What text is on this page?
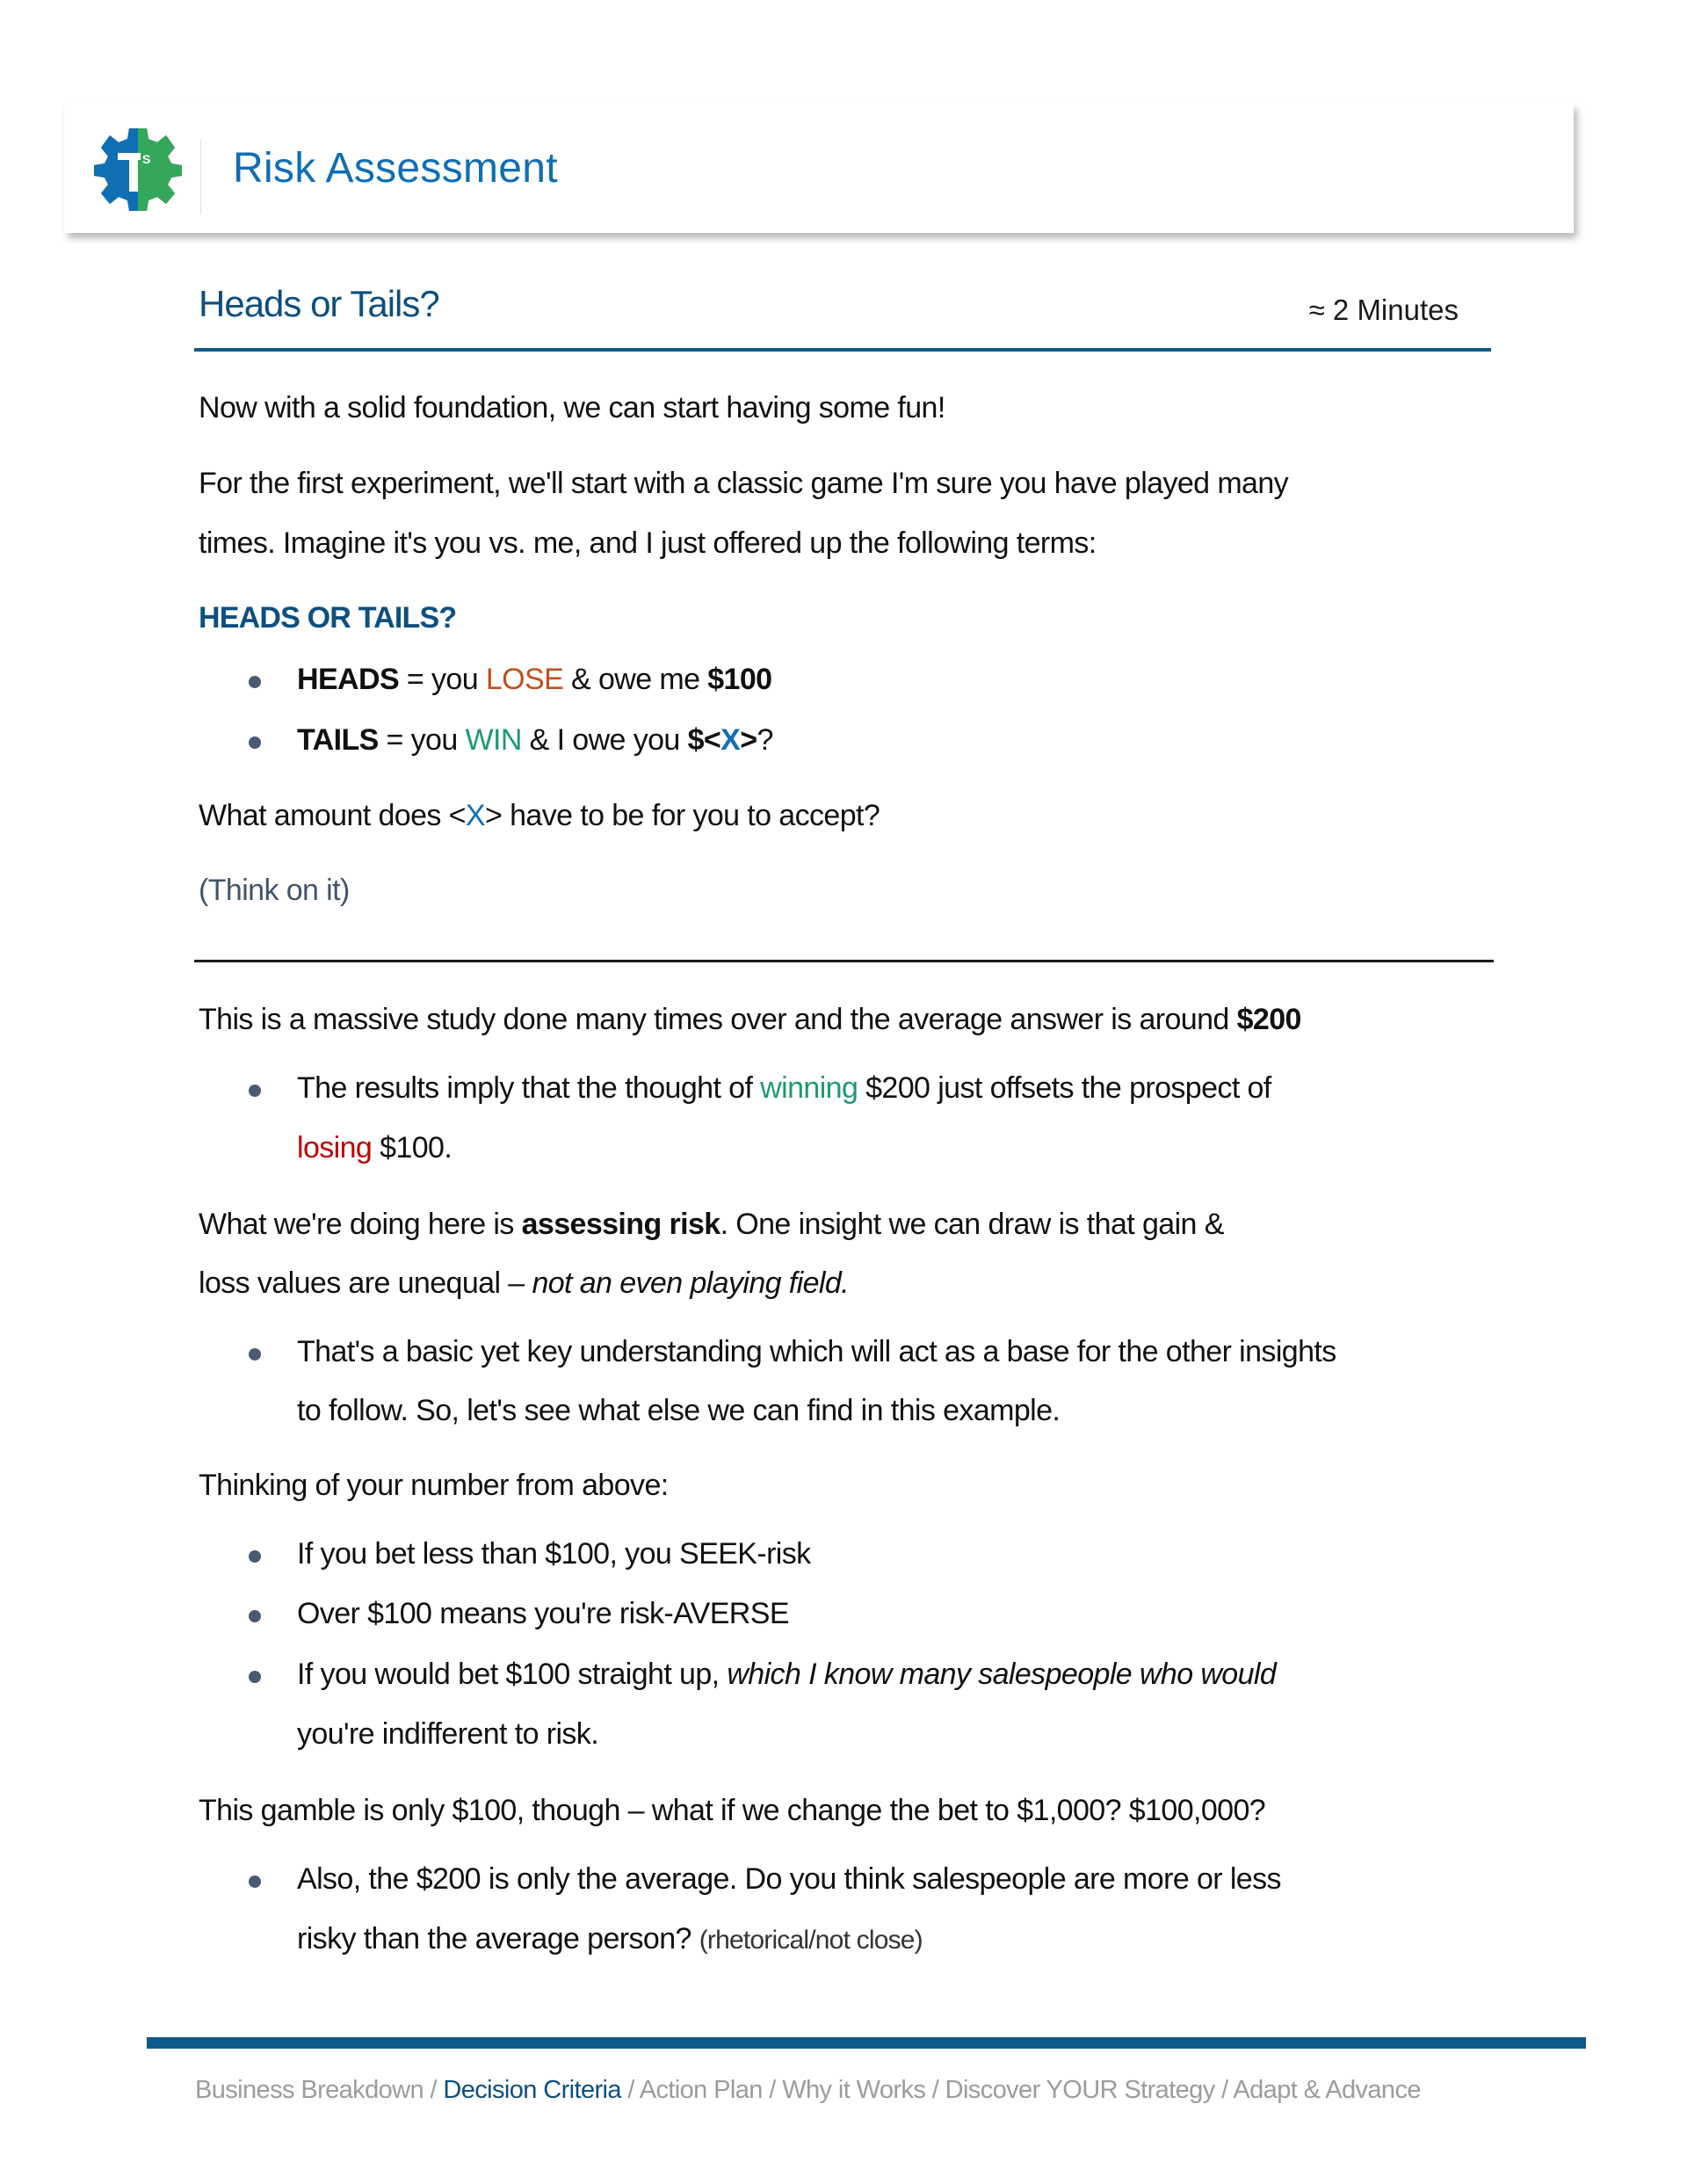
S Risk Assessment
Heads or Tails?	≈ 2 Minutes
Now with a solid foundation, we can start having some fun!
For the first experiment, we'll start with a classic game I'm sure you have played many
times. Imagine it's you vs. me, and I just offered up the following terms:
HEADS OR TAILS?
HEADS = you LOSE & owe me $100
TAILS = you WIN & I owe you $<X>?
What amount does <X> have to be for you to accept?
(Think on it)
This is a massive study done many times over and the average answer is around $200
The results imply that the thought of winning $200 just offsets the prospect of
losing $100.
What we're doing here is assessing risk. One insight we can draw is that gain &
loss values are unequal – not an even playing field.
That's a basic yet key understanding which will act as a base for the other insights
to follow. So, let's see what else we can find in this example.
Thinking of your number from above:
If you bet less than $100, you SEEK-risk
Over $100 means you're risk-AVERSE
If you would bet $100 straight up, which I know many salespeople who would
you're indifferent to risk.
This gamble is only $100, though – what if we change the bet to $1,000? $100,000?
Also, the $200 is only the average. Do you think salespeople are more or less
risky than the average person? (rhetorical/not close)
Business Breakdown / Decision Criteria / Action Plan / Why it Works / Discover YOUR Strategy / Adapt & Advance
